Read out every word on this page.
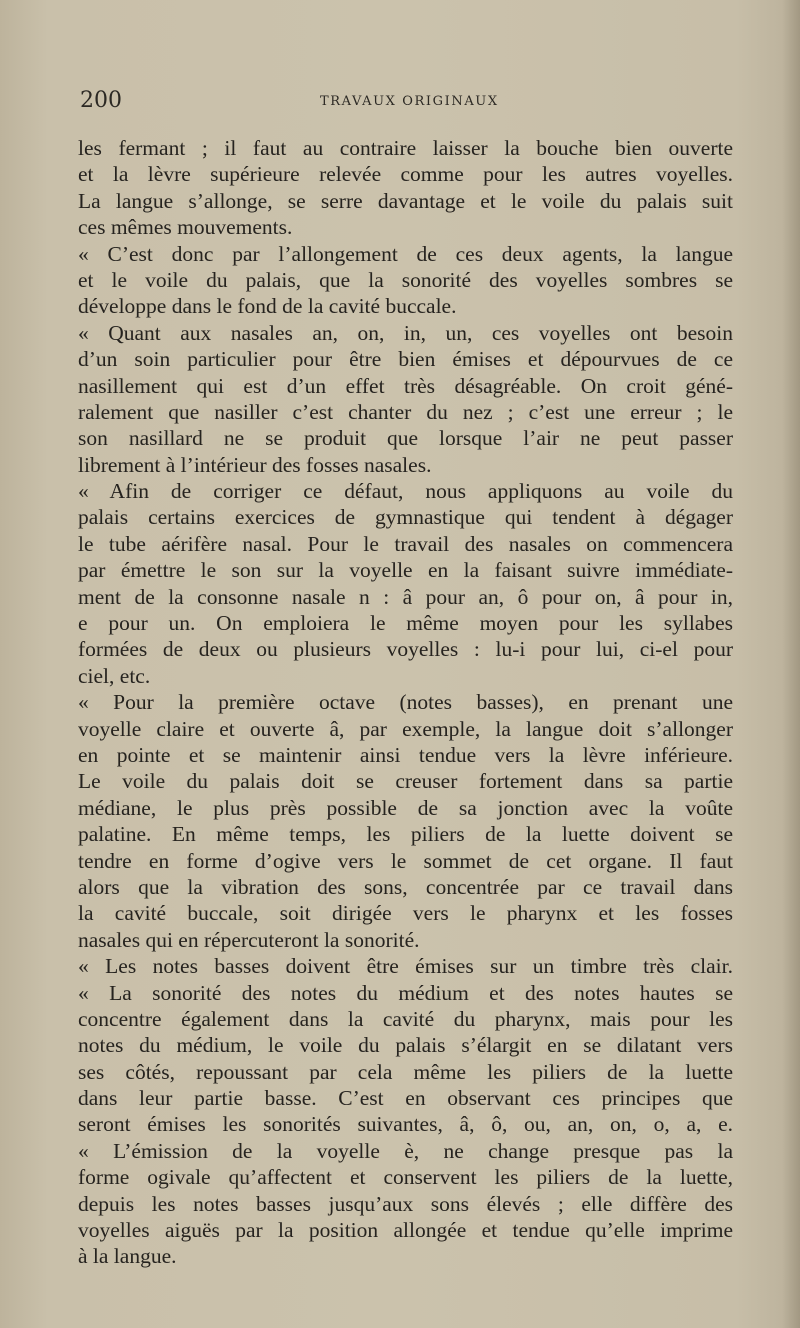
200	TRAVAUX ORIGINAUX
les fermant ; il faut au contraire laisser la bouche bien ouverte
et la lèvre supérieure relevée comme pour les autres voyelles.
La langue s’allonge, se serre davantage et le voile du palais suit
ces mêmes mouvements.
« C’est donc par l’allongement de ces deux agents, la langue
et le voile du palais, que la sonorité des voyelles sombres se
développe dans le fond de la cavité buccale.
« Quant aux nasales an, on, in, un, ces voyelles ont besoin
d’un soin particulier pour être bien émises et dépourvues de ce
nasillement qui est d’un effet très désagréable. On croit géné-
ralement que nasiller c’est chanter du nez ; c’est une erreur ; le
son nasillard ne se produit que lorsque l’air ne peut passer
librement à l’intérieur des fosses nasales.
« Afin de corriger ce défaut, nous appliquons au voile du
palais certains exercices de gymnastique qui tendent à dégager
le tube aérifère nasal. Pour le travail des nasales on commencera
par émettre le son sur la voyelle en la faisant suivre immédiate-
ment de la consonne nasale n : â pour an, ô pour on, â pour in,
e pour un. On emploiera le même moyen pour les syllabes
formées de deux ou plusieurs voyelles : lu-i pour lui, ci-el pour
ciel, etc.
« Pour la première octave (notes basses), en prenant une
voyelle claire et ouverte â, par exemple, la langue doit s’allonger
en pointe et se maintenir ainsi tendue vers la lèvre inférieure.
Le voile du palais doit se creuser fortement dans sa partie
médiane, le plus près possible de sa jonction avec la voûte
palatine. En même temps, les piliers de la luette doivent se
tendre en forme d’ogive vers le sommet de cet organe. Il faut
alors que la vibration des sons, concentrée par ce travail dans
la cavité buccale, soit dirigée vers le pharynx et les fosses
nasales qui en répercuteront la sonorité.
« Les notes basses doivent être émises sur un timbre très clair.
« La sonorité des notes du médium et des notes hautes se
concentre également dans la cavité du pharynx, mais pour les
notes du médium, le voile du palais s’élargit en se dilatant vers
ses côtés, repoussant par cela même les piliers de la luette
dans leur partie basse. C’est en observant ces principes que
seront émises les sonorités suivantes, â, ô, ou, an, on, o, a, e.
« L’émission de la voyelle è, ne change presque pas la
forme ogivale qu’affectent et conservent les piliers de la luette,
depuis les notes basses jusqu’aux sons élevés ; elle diffère des
voyelles aiguës par la position allongée et tendue qu’elle imprime
à la langue.
